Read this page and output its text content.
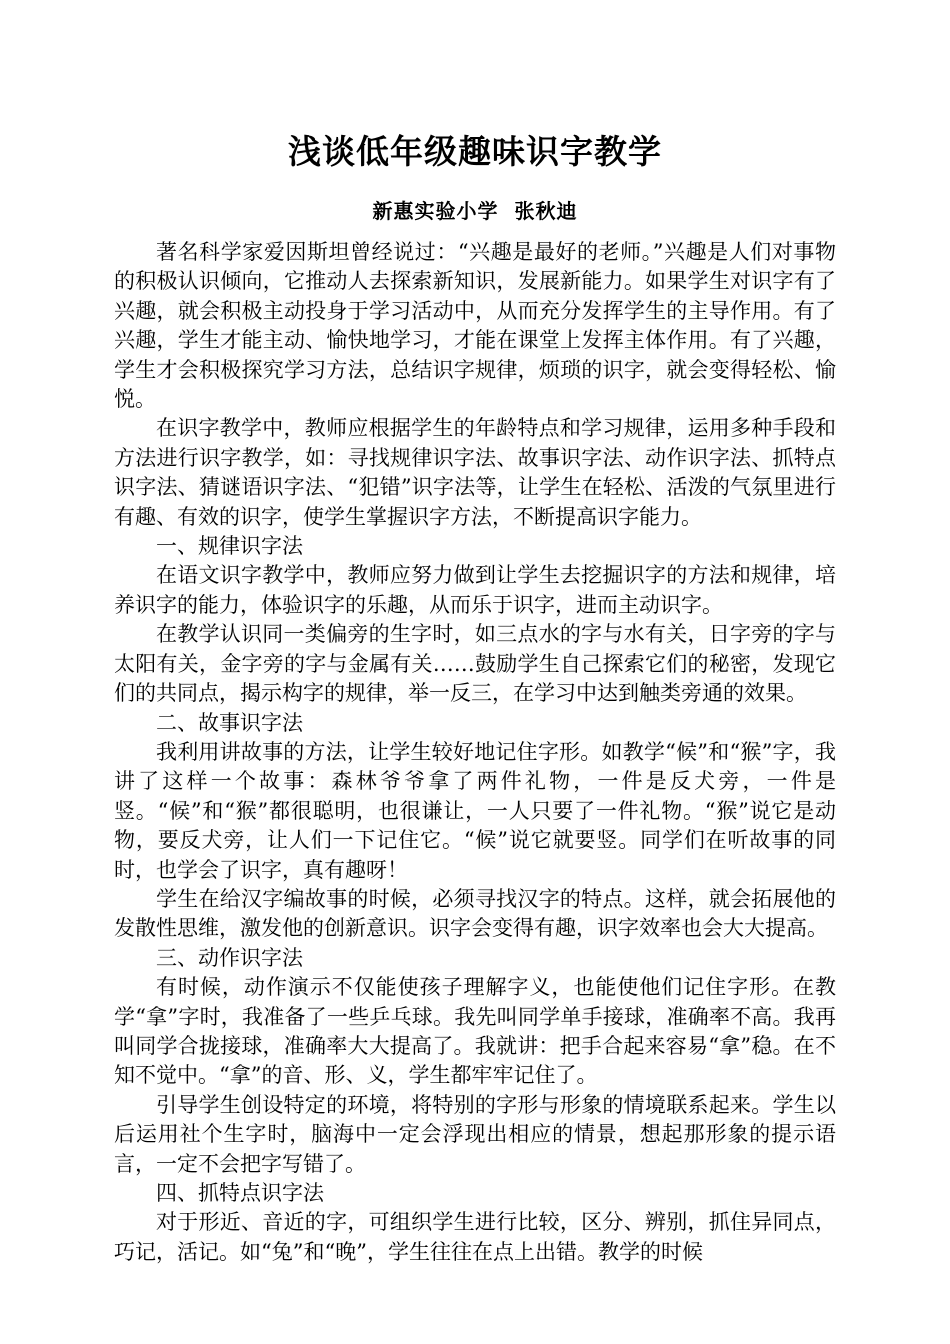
浅谈低年级趣味识字教学
新惠实验小学  张秋迪

著名科学家爱因斯坦曾经说过：“兴趣是最好的老师。”兴趣是人们对事物的积极认识倾向，它推动人去探索新知识，发展新能力。如果学生对识字有了兴趣，就会积极主动投身于学习活动中，从而充分发挥学生的主导作用。有了兴趣，学生才能主动、愉快地学习，才能在课堂上发挥主体作用。有了兴趣，学生才会积极探究学习方法，总结识字规律，烦琐的识字，就会变得轻松、愉悦。

在识字教学中，教师应根据学生的年龄特点和学习规律，运用多种手段和方法进行识字教学，如：寻找规律识字法、故事识字法、动作识字法、抓特点识字法、猜谜语识字法、“犯错”识字法等，让学生在轻松、活泼的气氛里进行有趣、有效的识字，使学生掌握识字方法，不断提高识字能力。

一、规律识字法

在语文识字教学中，教师应努力做到让学生去挖掘识字的方法和规律，培养识字的能力，体验识字的乐趣，从而乐于识字，进而主动识字。

在教学认识同一类偏旁的生字时，如三点水的字与水有关，日字旁的字与太阳有关，金字旁的字与金属有关……鼓励学生自己探索它们的秘密，发现它们的共同点，揭示构字的规律，举一反三，在学习中达到触类旁通的效果。

二、故事识字法

我利用讲故事的方法，让学生较好地记住字形。如教学“候”和“猴”字，我讲了这样一个故事：森林爷爷拿了两件礼物，一件是反犬旁，一件是竖。“候”和“猴”都很聪明，也很谦让，一人只要了一件礼物。“猴”说它是动物，要反犬旁，让人们一下记住它。“候”说它就要竖。同学们在听故事的同时，也学会了识字，真有趣呀！

学生在给汉字编故事的时候，必须寻找汉字的特点。这样，就会拓展他的发散性思维，激发他的创新意识。识字会变得有趣，识字效率也会大大提高。

三、动作识字法

有时候，动作演示不仅能使孩子理解字义，也能使他们记住字形。在教学“拿”字时，我准备了一些乒乓球。我先叫同学单手接球，准确率不高。我再叫同学合拢接球，准确率大大提高了。我就讲：把手合起来容易“拿”稳。在不知不觉中。“拿”的音、形、义，学生都牢牢记住了。

引导学生创设特定的环境，将特别的字形与形象的情境联系起来。学生以后运用社个生字时，脑海中一定会浮现出相应的情景，想起那形象的提示语言，一定不会把字写错了。

四、抓特点识字法

对于形近、音近的字，可组织学生进行比较，区分、辨别，抓住异同点，巧记，活记。如“兔”和“晚”，学生往往在点上出错。教学的时候
